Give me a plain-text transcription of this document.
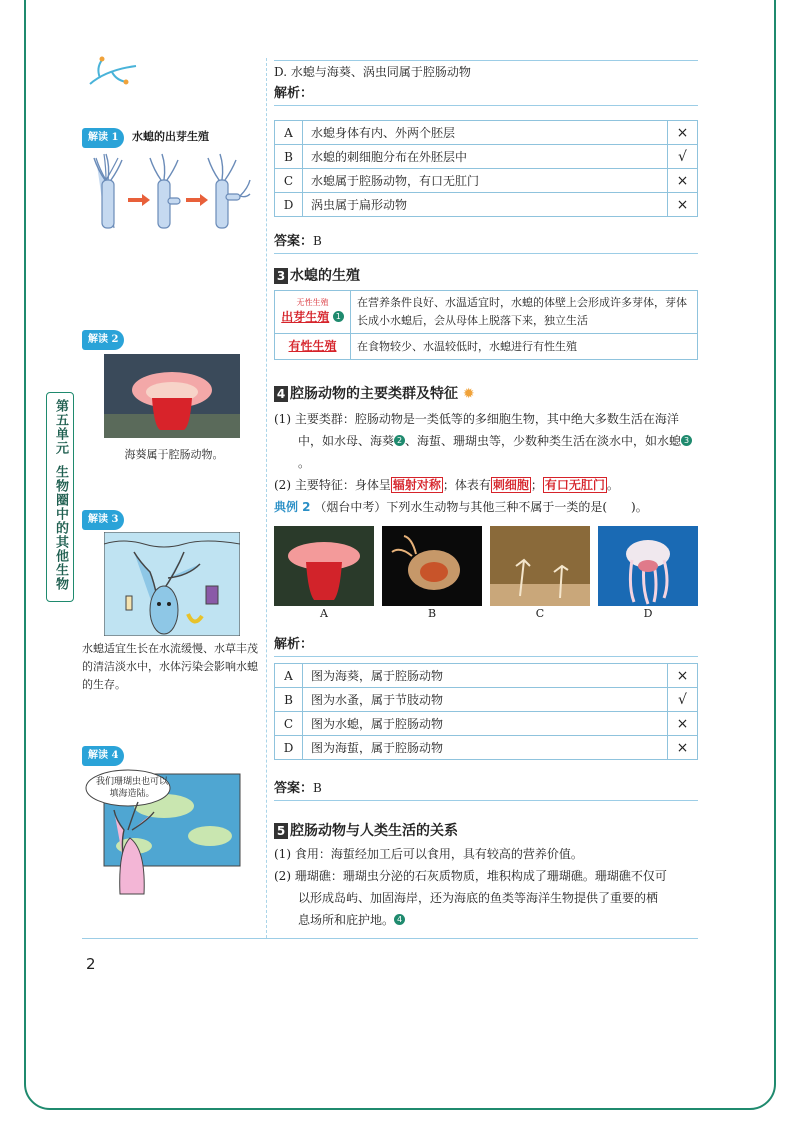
第五单元
生物圈中的其他生物
解读 1 水螅的出芽生殖
解读 2
海葵属于腔肠动物。
解读 3
水螅适宜生长在水流缓慢、水草丰茂的清洁淡水中，水体污染会影响水螅的生存。
解读 4
我们珊瑚虫也可以填海造陆。
D. 水螅与海葵、涡虫同属于腔肠动物
解析：
A	水螅身体有内、外两个胚层	×
B	水螅的刺细胞分布在外胚层中	√
C	水螅属于腔肠动物，有口无肛门	×
D	涡虫属于扁形动物	×
答案：B
3 水螅的生殖
无性生殖
出芽生殖 1	在营养条件良好、水温适宜时，水螅的体壁上会形成许多芽体，芽体长成小水螅后，会从母体上脱落下来，独立生活
有性生殖	在食物较少、水温较低时，水螅进行有性生殖
4 腔肠动物的主要类群及特征 ✹
(1) 主要类群：腔肠动物是一类低等的多细胞生物，其中绝大多数生活在海洋
中，如水母、海葵 2 、海蜇、珊瑚虫等，少数种类生活在淡水中，如水螅 3。
(2) 主要特征：身体呈 辐射对称 ；体表有 刺细胞 ； 有口无肛门 。
典例 2 （烟台中考）下列水生动物与其他三种不属于一类的是(　　)。
A	B	C	D
解析：
A	图为海葵，属于腔肠动物	×
B	图为水蚤，属于节肢动物	√
C	图为水螅，属于腔肠动物	×
D	图为海蜇，属于腔肠动物	×
答案：B
5 腔肠动物与人类生活的关系
(1) 食用：海蜇经加工后可以食用，具有较高的营养价值。
(2) 珊瑚礁：珊瑚虫分泌的石灰质物质，堆积构成了珊瑚礁。珊瑚礁不仅可
以形成岛屿、加固海岸，还为海底的鱼类等海洋生物提供了重要的栖
息场所和庇护地。 4
2
